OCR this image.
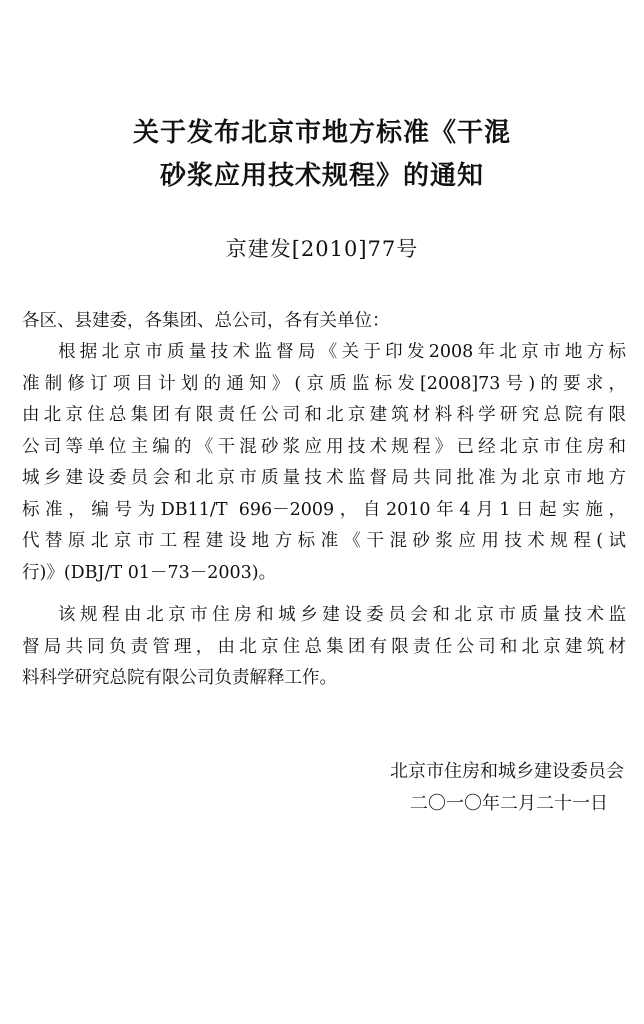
关于发布北京市地方标准《干混
砂浆应用技术规程》的通知
京建发[2010]77号
各区、县建委，各集团、总公司，各有关单位：
根据北京市质量技术监督局《关于印发2008年北京市地方标
准制修订项目计划的通知》(京质监标发[2008]73号)的要求，
由北京住总集团有限责任公司和北京建筑材料科学研究总院有限
公司等单位主编的《干混砂浆应用技术规程》已经北京市住房和
城乡建设委员会和北京市质量技术监督局共同批准为北京市地方
标准，编号为DB11/T 696－2009，自2010年4月1日起实施，
代替原北京市工程建设地方标准《干混砂浆应用技术规程(试
行)》(DBJ/T 01－73－2003)。
该规程由北京市住房和城乡建设委员会和北京市质量技术监
督局共同负责管理，由北京住总集团有限责任公司和北京建筑材
料科学研究总院有限公司负责解释工作。
北京市住房和城乡建设委员会
二〇一〇年二月二十一日
